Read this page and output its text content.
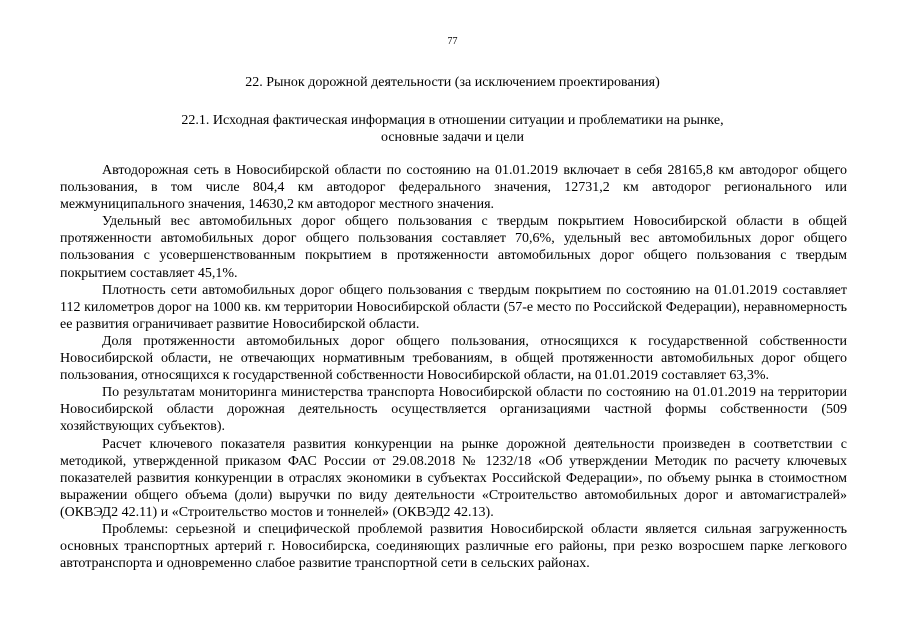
77
22. Рынок дорожной деятельности (за исключением проектирования)
22.1. Исходная фактическая информация в отношении ситуации и проблематики на рынке,
основные задачи и цели

Автодорожная сеть в Новосибирской области по состоянию на 01.01.2019 включает в себя 28165,8 км автодорог общего пользования, в том числе 804,4 км автодорог федерального значения, 12731,2 км автодорог регионального или межмуниципального значения, 14630,2 км автодорог местного значения.

Удельный вес автомобильных дорог общего пользования с твердым покрытием Новосибирской области в общей протяженности автомобильных дорог общего пользования составляет 70,6%, удельный вес автомобильных дорог общего пользования с усовершенствованным покрытием в протяженности автомобильных дорог общего пользования с твердым покрытием составляет 45,1%.

Плотность сети автомобильных дорог общего пользования с твердым покрытием по состоянию на 01.01.2019 составляет 112 километров дорог на 1000 кв. км территории Новосибирской области (57-е место по Российской Федерации), неравномерность ее развития ограничивает развитие Новосибирской области.

Доля протяженности автомобильных дорог общего пользования, относящихся к государственной собственности Новосибирской области, не отвечающих нормативным требованиям, в общей протяженности автомобильных дорог общего пользования, относящихся к государственной собственности Новосибирской области, на 01.01.2019 составляет 63,3%.

По результатам мониторинга министерства транспорта Новосибирской области по состоянию на 01.01.2019 на территории Новосибирской области дорожная деятельность осуществляется организациями частной формы собственности (509 хозяйствующих субъектов).

Расчет ключевого показателя развития конкуренции на рынке дорожной деятельности произведен в соответствии с методикой, утвержденной приказом ФАС России от 29.08.2018 № 1232/18 «Об утверждении Методик по расчету ключевых показателей развития конкуренции в отраслях экономики в субъектах Российской Федерации», по объему рынка в стоимостном выражении общего объема (доли) выручки по виду деятельности «Строительство автомобильных дорог и автомагистралей» (ОКВЭД2 42.11) и «Строительство мостов и тоннелей» (ОКВЭД2 42.13).

Проблемы: серьезной и специфической проблемой развития Новосибирской области является сильная загруженность основных транспортных артерий г. Новосибирска, соединяющих различные его районы, при резко возросшем парке легкового автотранспорта и одновременно слабое развитие транспортной сети в сельских районах.
